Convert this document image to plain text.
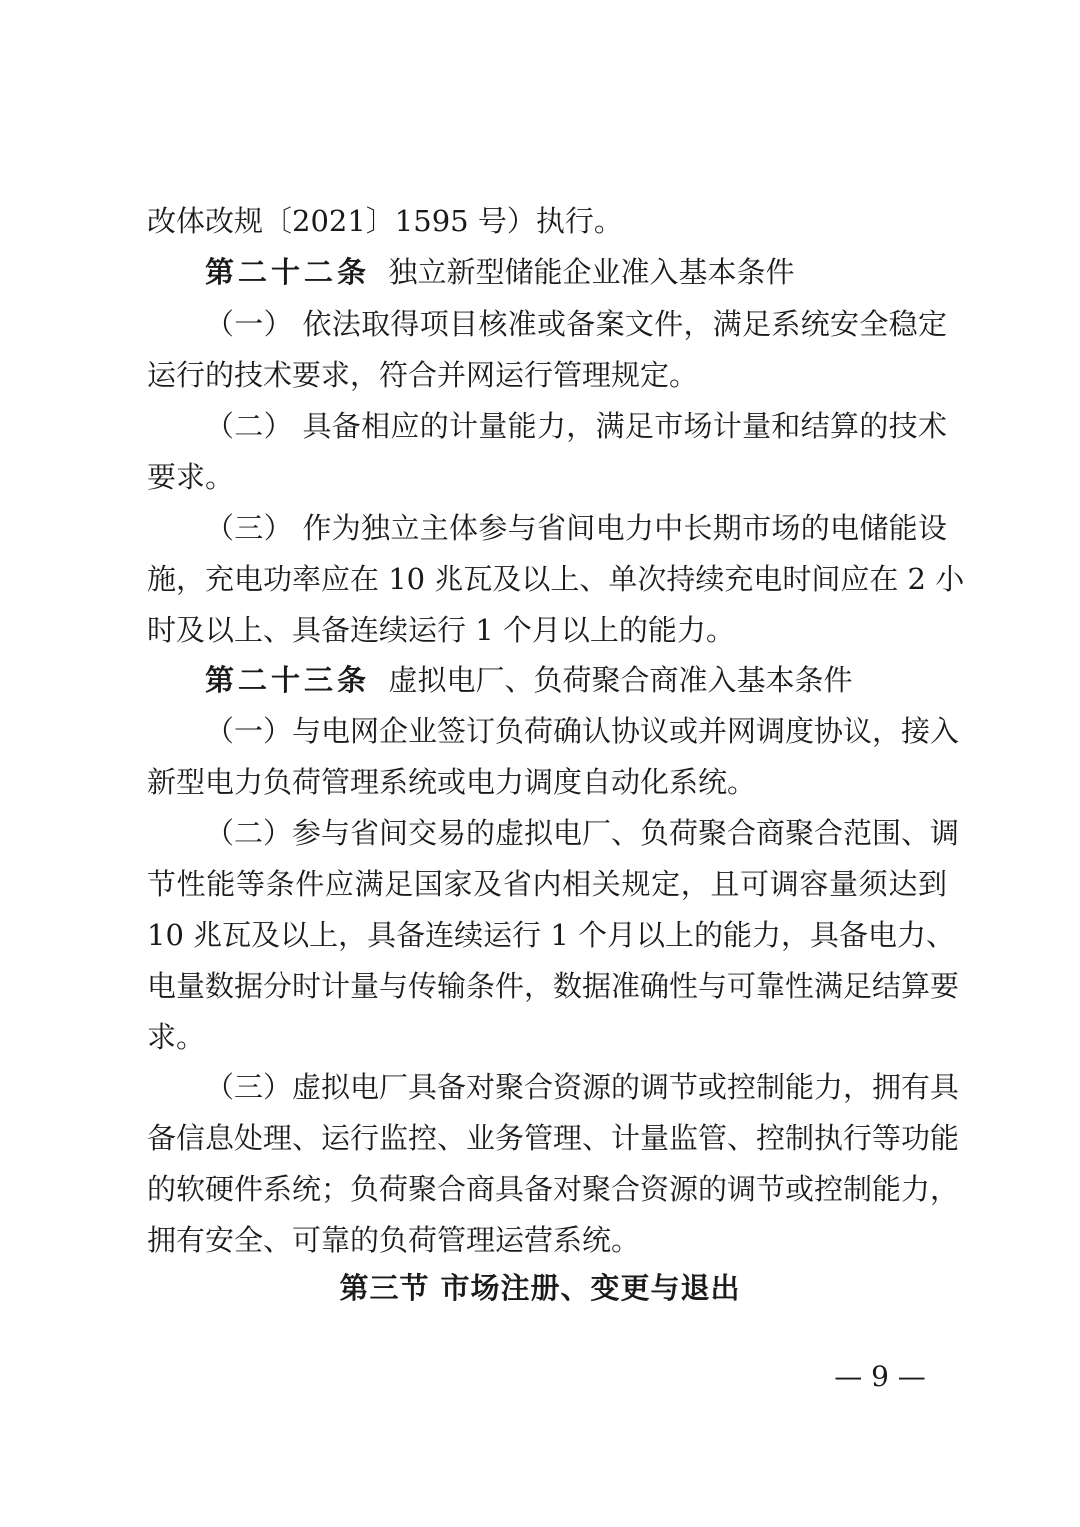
改体改规〔2021〕1595 号）执行。
第二十二条 独立新型储能企业准入基本条件
（一） 依法取得项目核准或备案文件，满足系统安全稳定
运行的技术要求，符合并网运行管理规定。
（二） 具备相应的计量能力，满足市场计量和结算的技术
要求。
（三） 作为独立主体参与省间电力中长期市场的电储能设
施，充电功率应在 10 兆瓦及以上、单次持续充电时间应在 2 小
时及以上、具备连续运行 1 个月以上的能力。
第二十三条 虚拟电厂、负荷聚合商准入基本条件
（一）与电网企业签订负荷确认协议或并网调度协议，接入
新型电力负荷管理系统或电力调度自动化系统。
（二）参与省间交易的虚拟电厂、负荷聚合商聚合范围、调
节性能等条件应满足国家及省内相关规定，且可调容量须达到
10 兆瓦及以上，具备连续运行 1 个月以上的能力，具备电力、
电量数据分时计量与传输条件，数据准确性与可靠性满足结算要
求。
（三）虚拟电厂具备对聚合资源的调节或控制能力，拥有具
备信息处理、运行监控、业务管理、计量监管、控制执行等功能
的软硬件系统；负荷聚合商具备对聚合资源的调节或控制能力，
拥有安全、可靠的负荷管理运营系统。
第三节 市场注册、变更与退出
— 9 —
